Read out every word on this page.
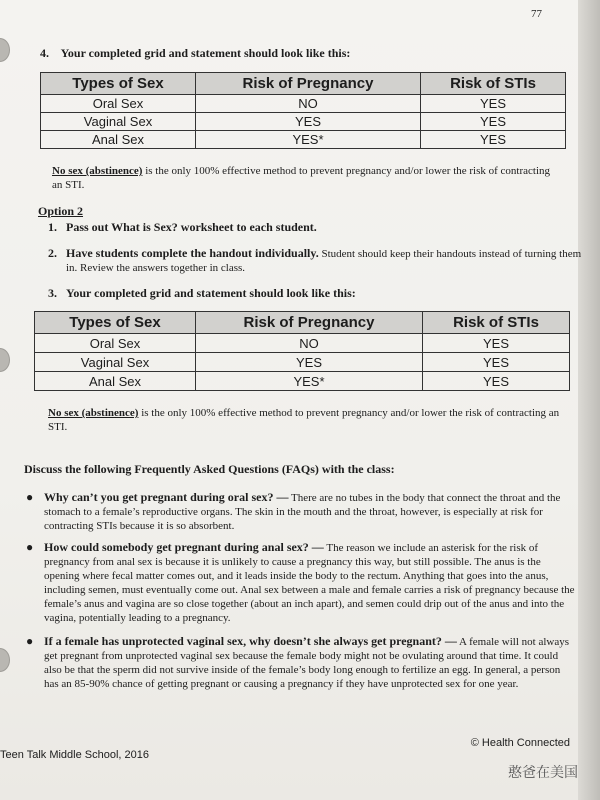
77
4. Your completed grid and statement should look like this:
Types of Sex	Risk of Pregnancy	Risk of STIs
Oral Sex	NO	YES
Vaginal Sex	YES	YES
Anal Sex	YES*	YES
No sex (abstinence) is the only 100% effective method to prevent pregnancy and/or lower the risk of contracting an STI.
Option 2
1. Pass out What is Sex? worksheet to each student.
2. Have students complete the handout individually. Student should keep their handouts instead of turning them in. Review the answers together in class.
3. Your completed grid and statement should look like this:
Types of Sex	Risk of Pregnancy	Risk of STIs
Oral Sex	NO	YES
Vaginal Sex	YES	YES
Anal Sex	YES*	YES
No sex (abstinence) is the only 100% effective method to prevent pregnancy and/or lower the risk of contracting an STI.
Discuss the following Frequently Asked Questions (FAQs) with the class:
● Why can’t you get pregnant during oral sex? — There are no tubes in the body that connect the throat and the stomach to a female’s reproductive organs. The skin in the mouth and the throat, however, is especially at risk for contracting STIs because it is so absorbent.
● How could somebody get pregnant during anal sex? — The reason we include an asterisk for the risk of pregnancy from anal sex is because it is unlikely to cause a pregnancy this way, but still possible. The anus is the opening where fecal matter comes out, and it leads inside the body to the rectum. Anything that goes into the anus, including semen, must eventually come out. Anal sex between a male and female carries a risk of pregnancy because the female’s anus and vagina are so close together (about an inch apart), and semen could drip out of the anus and into the vagina, potentially leading to a pregnancy.
● If a female has unprotected vaginal sex, why doesn’t she always get pregnant? — A female will not always get pregnant from unprotected vaginal sex because the female body might not be ovulating around that time. It could also be that the sperm did not survive inside of the female’s body long enough to fertilize an egg. In general, a person has an 85-90% chance of getting pregnant or causing a pregnancy if they have unprotected sex for one year.
Teen Talk Middle School, 2016
© Health Connected
憨爸在美国
